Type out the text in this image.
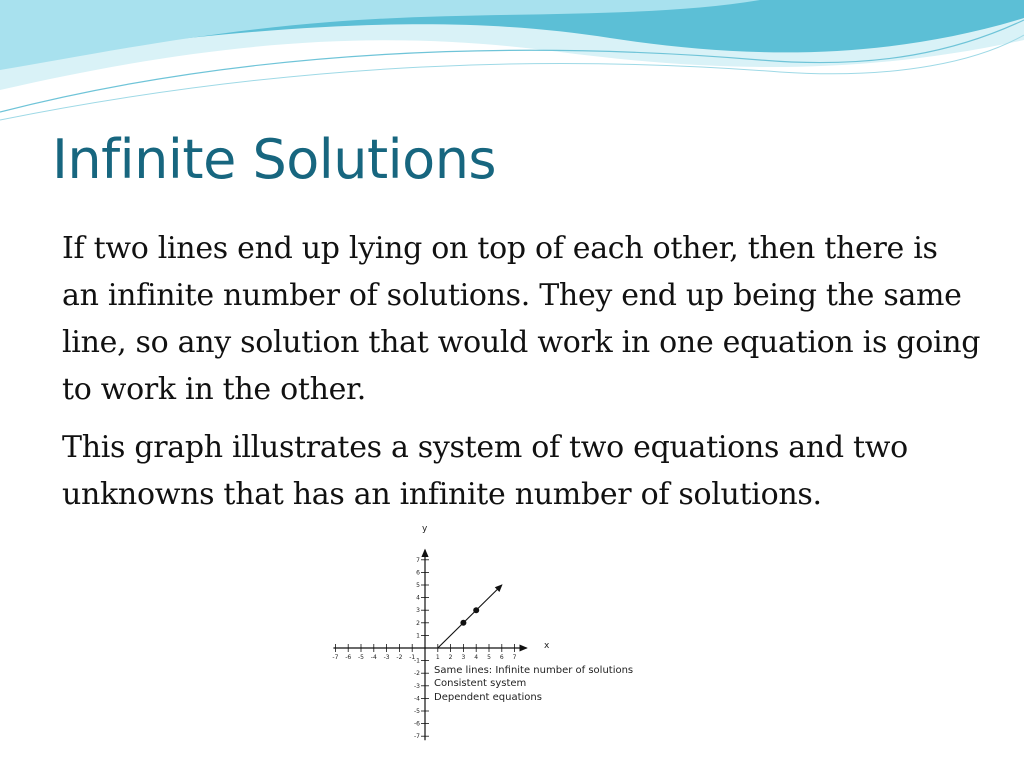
Infinite Solutions

If two lines end up lying on top of each other, then there is an infinite number of solutions. They end up being the same line, so any solution that would work in one equation is going to work in the other.

This graph illustrates a system of two equations and two unknowns that has an infinite number of solutions.

-7 -6 -5 -4 -3 -2 -1	1 2 3 4 5 6 7
-7
-6
-5
-4
-3
-2
-1
1
2
3
4
5
6
7
x
y
Same lines: Infinite number of solutions
Consistent system
Dependent equations
